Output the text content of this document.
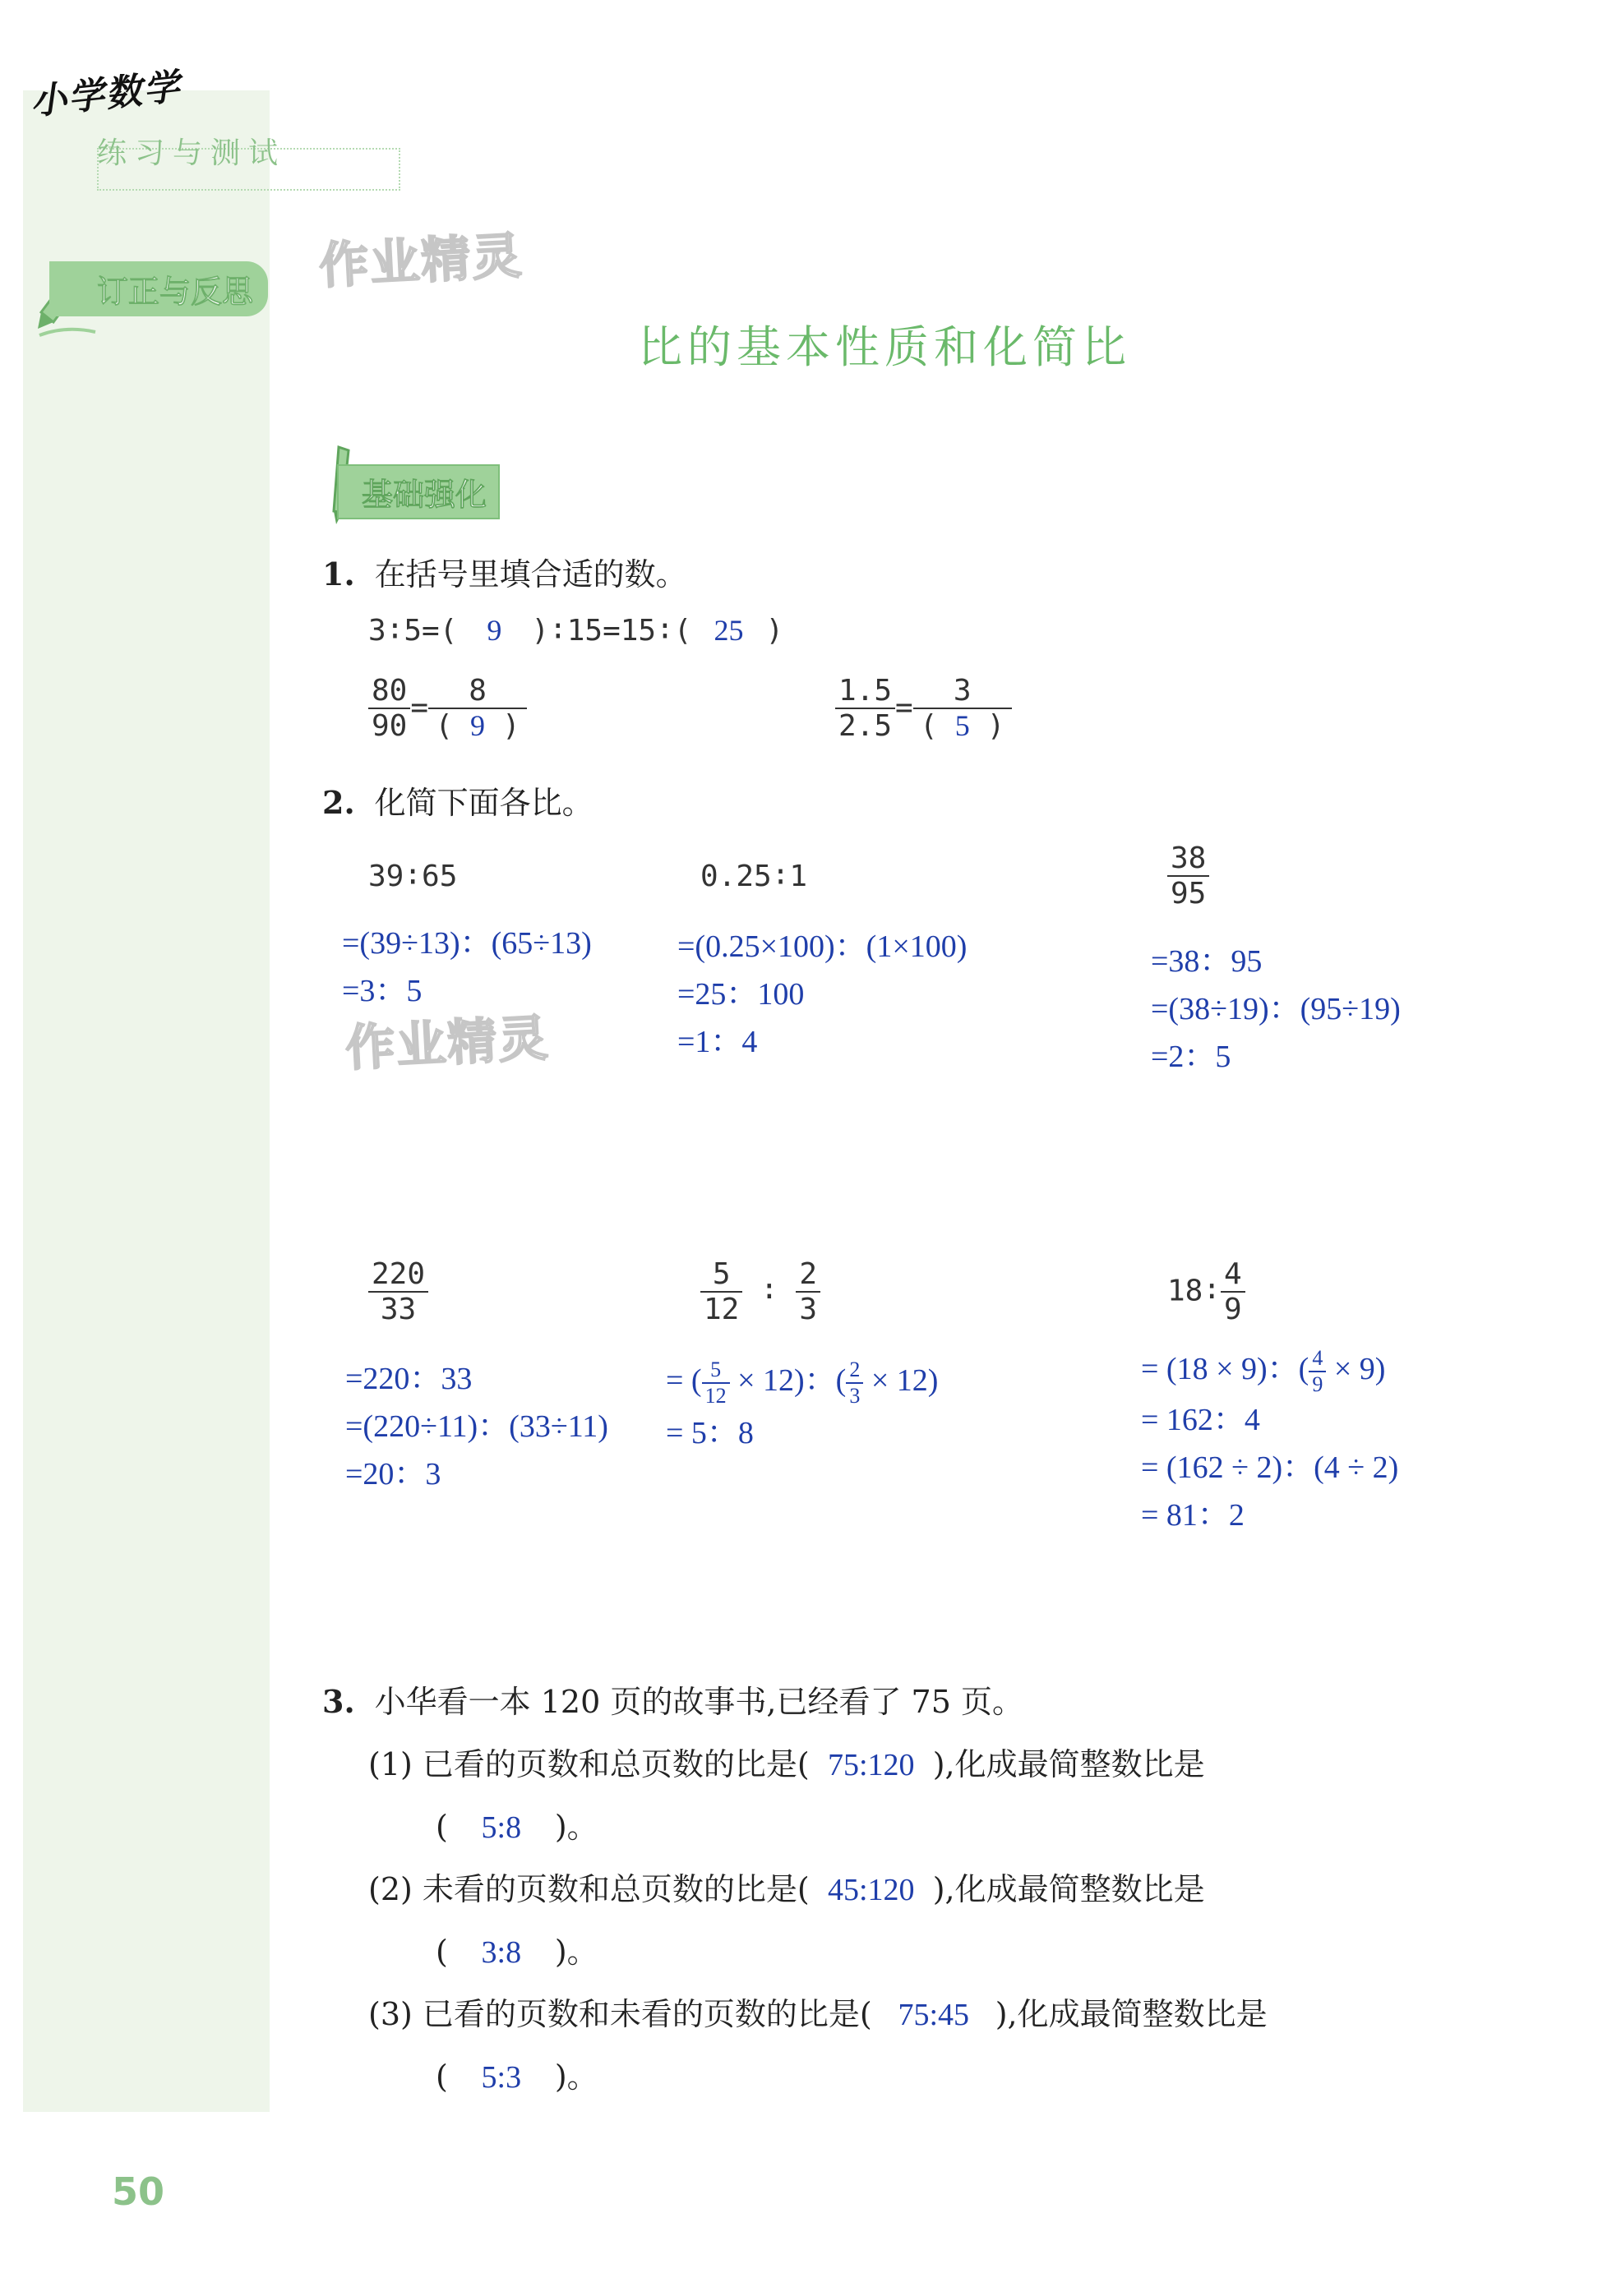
小学数学
练习与测试
订正与反思	作业精灵
作业精灵
比的基本性质和化简比
基础强化
1. 在括号里填合适的数。
3∶5=( 9 )∶15=15∶( 25 )
$\frac{80}{90} = \frac{8}{( 9 )}$	$\frac{1.5}{2.5} = \frac{3}{( 5 )}$
2. 化简下面各比。
39∶65
=(39÷13)：(65÷13)
=3：5
0.25∶1
=(0.25×100)：(1×100)
=25：100
=1：4
$\frac{38}{95}$
=38：95
=(38÷19)：(95÷19)
=2：5
$\frac{220}{33}$
=220：33
=(220÷11)：(33÷11)
=20：3
$\frac{5}{12}$ ∶ $\frac{2}{3}$
= ( $\frac{5}{12} \times 12$)：( $\frac{2}{3} \times 12$)
= 5：8
18∶ $\frac{4}{9}$
= (18 × 9)：( $\frac{4}{9} \times 9$)
= 162：4
= (162 ÷ 2)：(4 ÷ 2)
= 81：2
3. 小华看一本 120 页的故事书,已经看了 75 页。
(1) 已看的页数和总页数的比是( 75:120 ),化成最简整数比是
( 5:8 )。
(2) 未看的页数和总页数的比是( 45:120 ),化成最简整数比是
( 3:8 )。
(3) 已看的页数和未看的页数的比是( 75:45 ),化成最简整数比是
( 5:3 )。
50
